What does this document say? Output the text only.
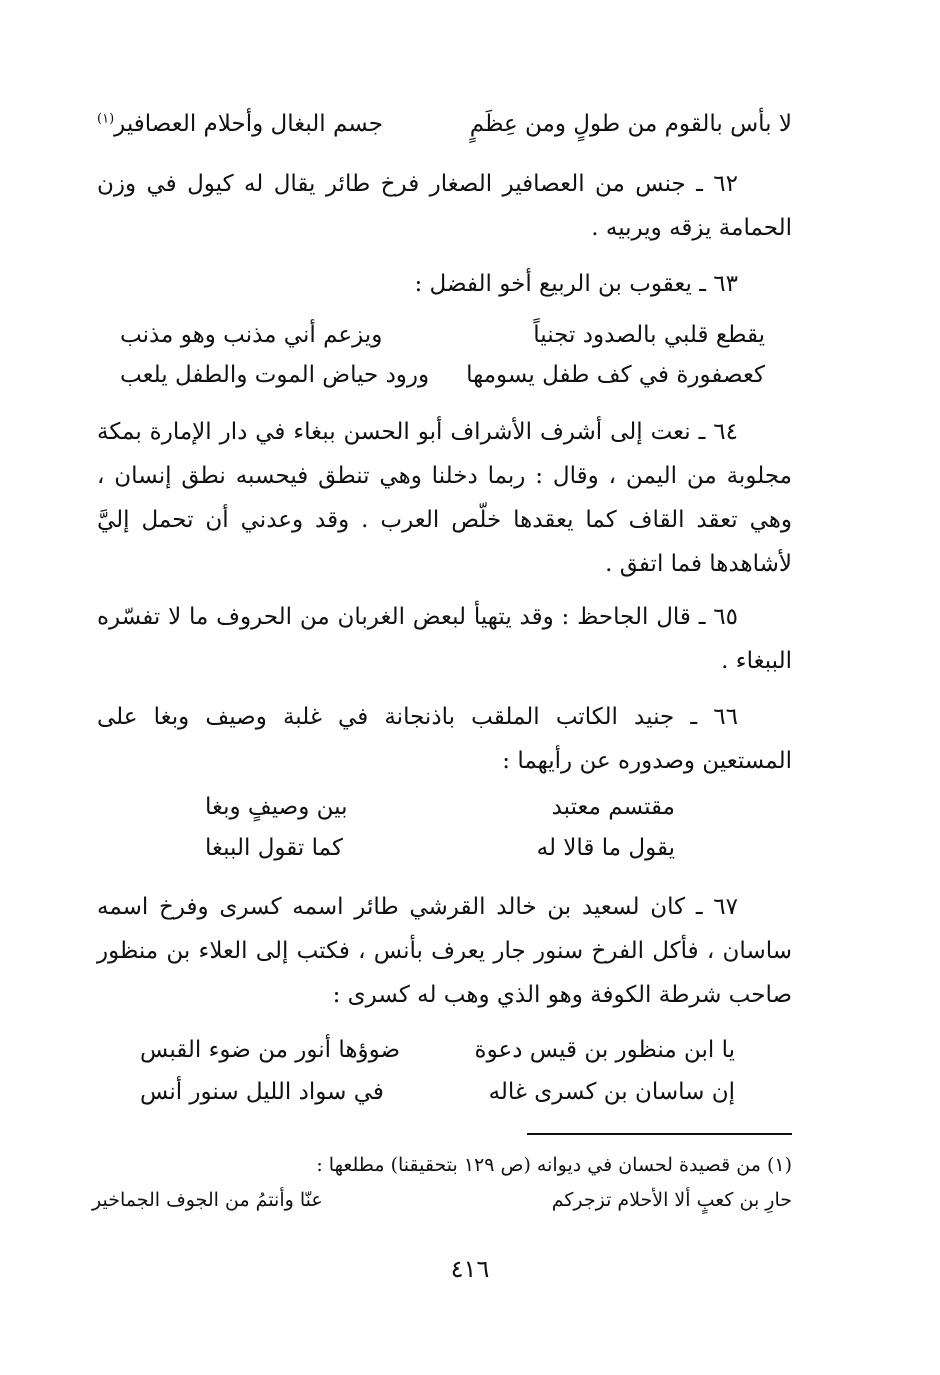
لا بأس بالقوم من طولٍ ومن عِظَمٍ
جسم البغال وأحلام العصافير$^{(١)}$
٦٢ ـ جنس من العصافير الصغار فرخ طائر يقال له كيول في وزن الحمامة يزقه ويربيه .
٦٣ ـ يعقوب بن الربيع أخو الفضل :
يقطع قلبي بالصدود تجنياً
ويزعم أني مذنب وهو مذنب
كعصفورة في كف طفل يسومها
ورود حياض الموت والطفل يلعب
٦٤ ـ نعت إلى أشرف الأشراف أبو الحسن ببغاء في دار الإمارة بمكة مجلوبة من اليمن ، وقال : ربما دخلنا وهي تنطق فيحسبه نطق إنسان ، وهي تعقد القاف كما يعقدها خلّص العرب . وقد وعدني أن تحمل إليَّ لأشاهدها فما اتفق .
٦٥ ـ قال الجاحظ : وقد يتهيأ لبعض الغربان من الحروف ما لا تفسّره الببغاء .
٦٦ ـ جنيد الكاتب الملقب باذنجانة في غلبة وصيف وبغا على المستعين وصدوره عن رأيهما :
مقتسم معتبد
بين وصيفٍ وبغا
يقول ما قالا له
كما تقول الببغا
٦٧ ـ كان لسعيد بن خالد القرشي طائر اسمه كسرى وفرخ اسمه ساسان ، فأكل الفرخ سنور جار يعرف بأنس ، فكتب إلى العلاء بن منظور صاحب شرطة الكوفة وهو الذي وهب له كسرى :
يا ابن منظور بن قيس دعوة
ضوؤها أنور من ضوء القبس
إن ساسان بن كسرى غاله
في سواد الليل سنور أنس
(١) من قصيدة لحسان في ديوانه (ص ١٢٩ بتحقيقنا) مطلعها :
حارِ بن كعبٍ ألا الأحلام تزجركم
عنّا وأنتمُ من الجوف الجماخير
٤١٦
